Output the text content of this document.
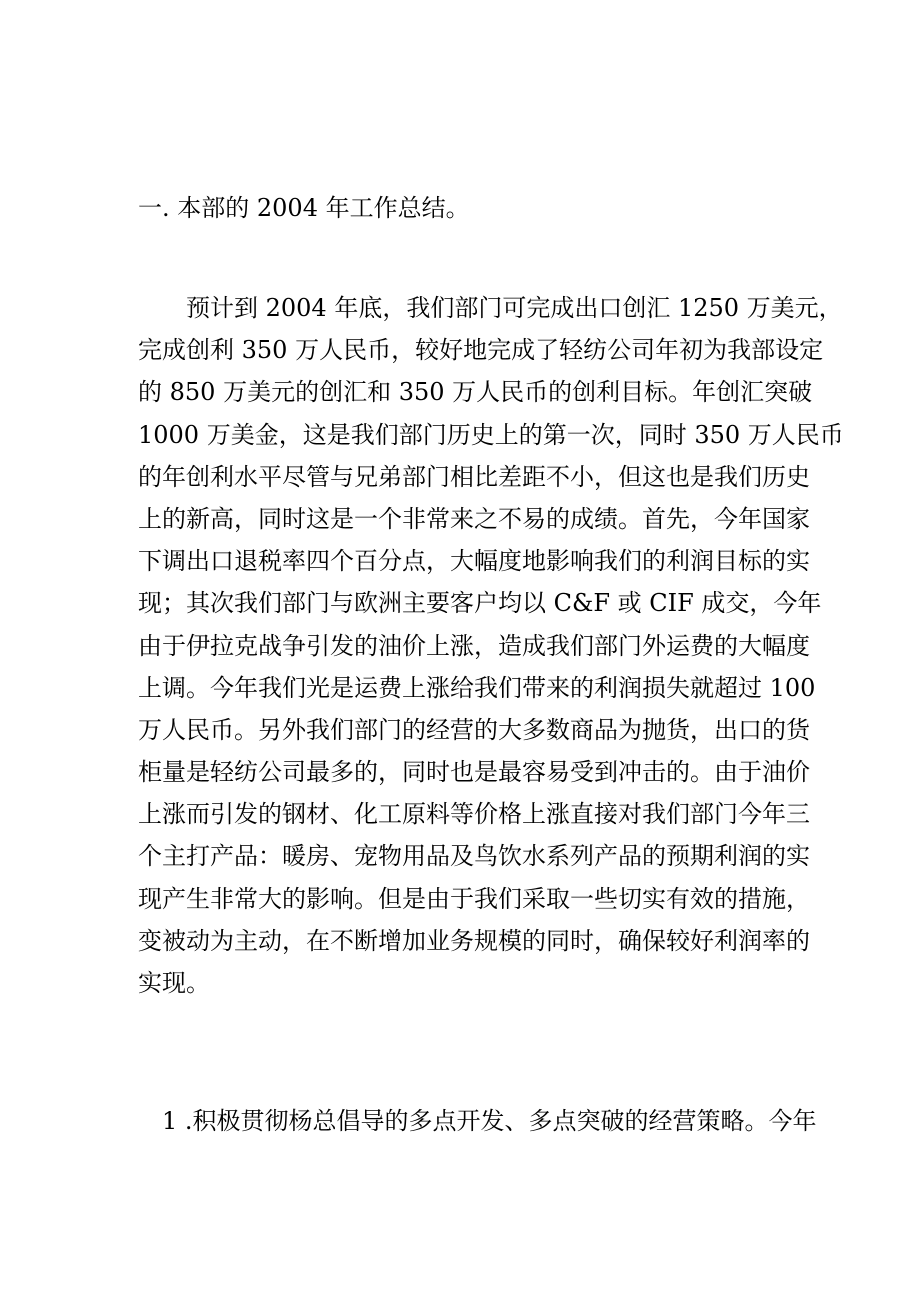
一. 本部的 2004 年工作总结。
预计到 2004 年底，我们部门可完成出口创汇 1250 万美元，
完成创利 350 万人民币，较好地完成了轻纺公司年初为我部设定
的 850 万美元的创汇和 350 万人民币的创利目标。年创汇突破
1000 万美金，这是我们部门历史上的第一次，同时 350 万人民币
的年创利水平尽管与兄弟部门相比差距不小，但这也是我们历史
上的新高，同时这是一个非常来之不易的成绩。首先，今年国家
下调出口退税率四个百分点，大幅度地影响我们的利润目标的实
现；其次我们部门与欧洲主要客户均以 C&F 或 CIF 成交，今年
由于伊拉克战争引发的油价上涨，造成我们部门外运费的大幅度
上调。今年我们光是运费上涨给我们带来的利润损失就超过 100
万人民币。另外我们部门的经营的大多数商品为抛货，出口的货
柜量是轻纺公司最多的，同时也是最容易受到冲击的。由于油价
上涨而引发的钢材、化工原料等价格上涨直接对我们部门今年三
个主打产品：暖房、宠物用品及鸟饮水系列产品的预期利润的实
现产生非常大的影响。但是由于我们采取一些切实有效的措施，
变被动为主动，在不断增加业务规模的同时，确保较好利润率的
实现。
1 .积极贯彻杨总倡导的多点开发、多点突破的经营策略。今年
